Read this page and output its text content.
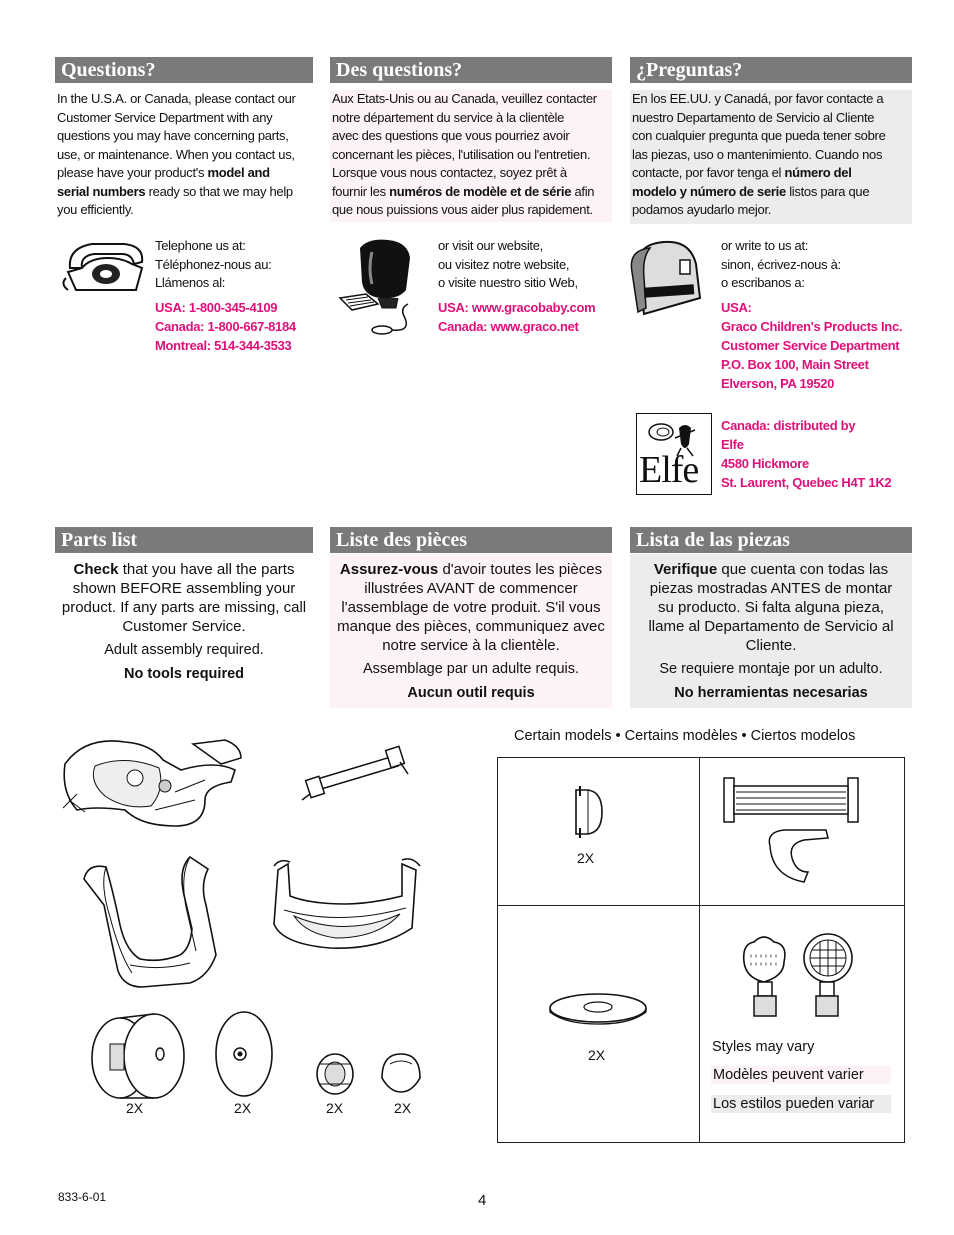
Questions?	Des questions?	¿Preguntas?
In the U.S.A. or Canada, please contact our
Customer Service Department with any
questions you may have concerning parts,
use, or maintenance. When you contact us,
please have your product's model and
serial numbers ready so that we may help
you efficiently.
Aux Etats-Unis ou au Canada, veuillez contacter
notre département du service à la clientèle
avec des questions que vous pourriez avoir
concernant les pièces, l'utilisation ou l'entretien.
Lorsque vous nous contactez, soyez prêt à
fournir les numéros de modèle et de série afin
que nous puissions vous aider plus rapidement.
En los EE.UU. y Canadá, por favor contacte a
nuestro Departamento de Servicio al Cliente
con cualquier pregunta que pueda tener sobre
las piezas, uso o mantenimiento. Cuando nos
contacte, por favor tenga el número del
modelo y número de serie listos para que
podamos ayudarlo mejor.
Telephone us at:
Téléphonez-nous au:
Llámenos al:
USA: 1-800-345-4109
Canada: 1-800-667-8184
Montreal: 514-344-3533
or visit our website,
ou visitez notre website,
o visite nuestro sitio Web,
USA: www.gracobaby.com
Canada: www.graco.net
or write to us at:
sinon, écrivez-nous à:
o escribanos a:
USA:
Graco Children's Products Inc.
Customer Service Department
P.O. Box 100, Main Street
Elverson, PA 19520
Elfe
Canada: distributed by
Elfe
4580 Hickmore
St. Laurent, Quebec H4T 1K2
Parts list	Liste des pièces	Lista de las piezas

Check that you have all the parts shown BEFORE assembling your product. If any parts are missing, call Customer Service.

Adult assembly required.

No tools required

Assurez-vous d'avoir toutes les pièces illustrées AVANT de commencer l'assemblage de votre produit. S'il vous manque des pièces, communiquez avec notre service à la clientèle.

Assemblage par un adulte requis.

Aucun outil requis

Verifique que cuenta con todas las piezas mostradas ANTES de montar su producto. Si falta alguna pieza, llame al Departamento de Servicio al Cliente.

Se requiere montaje por un adulto.

No herramientas necesarias

2X	2X	2X	2X
Certain models • Certains modèles • Ciertos modelos
2X
2X	Styles may vary
Modèles peuvent varier
Los estilos pueden variar
833-6-01	4
